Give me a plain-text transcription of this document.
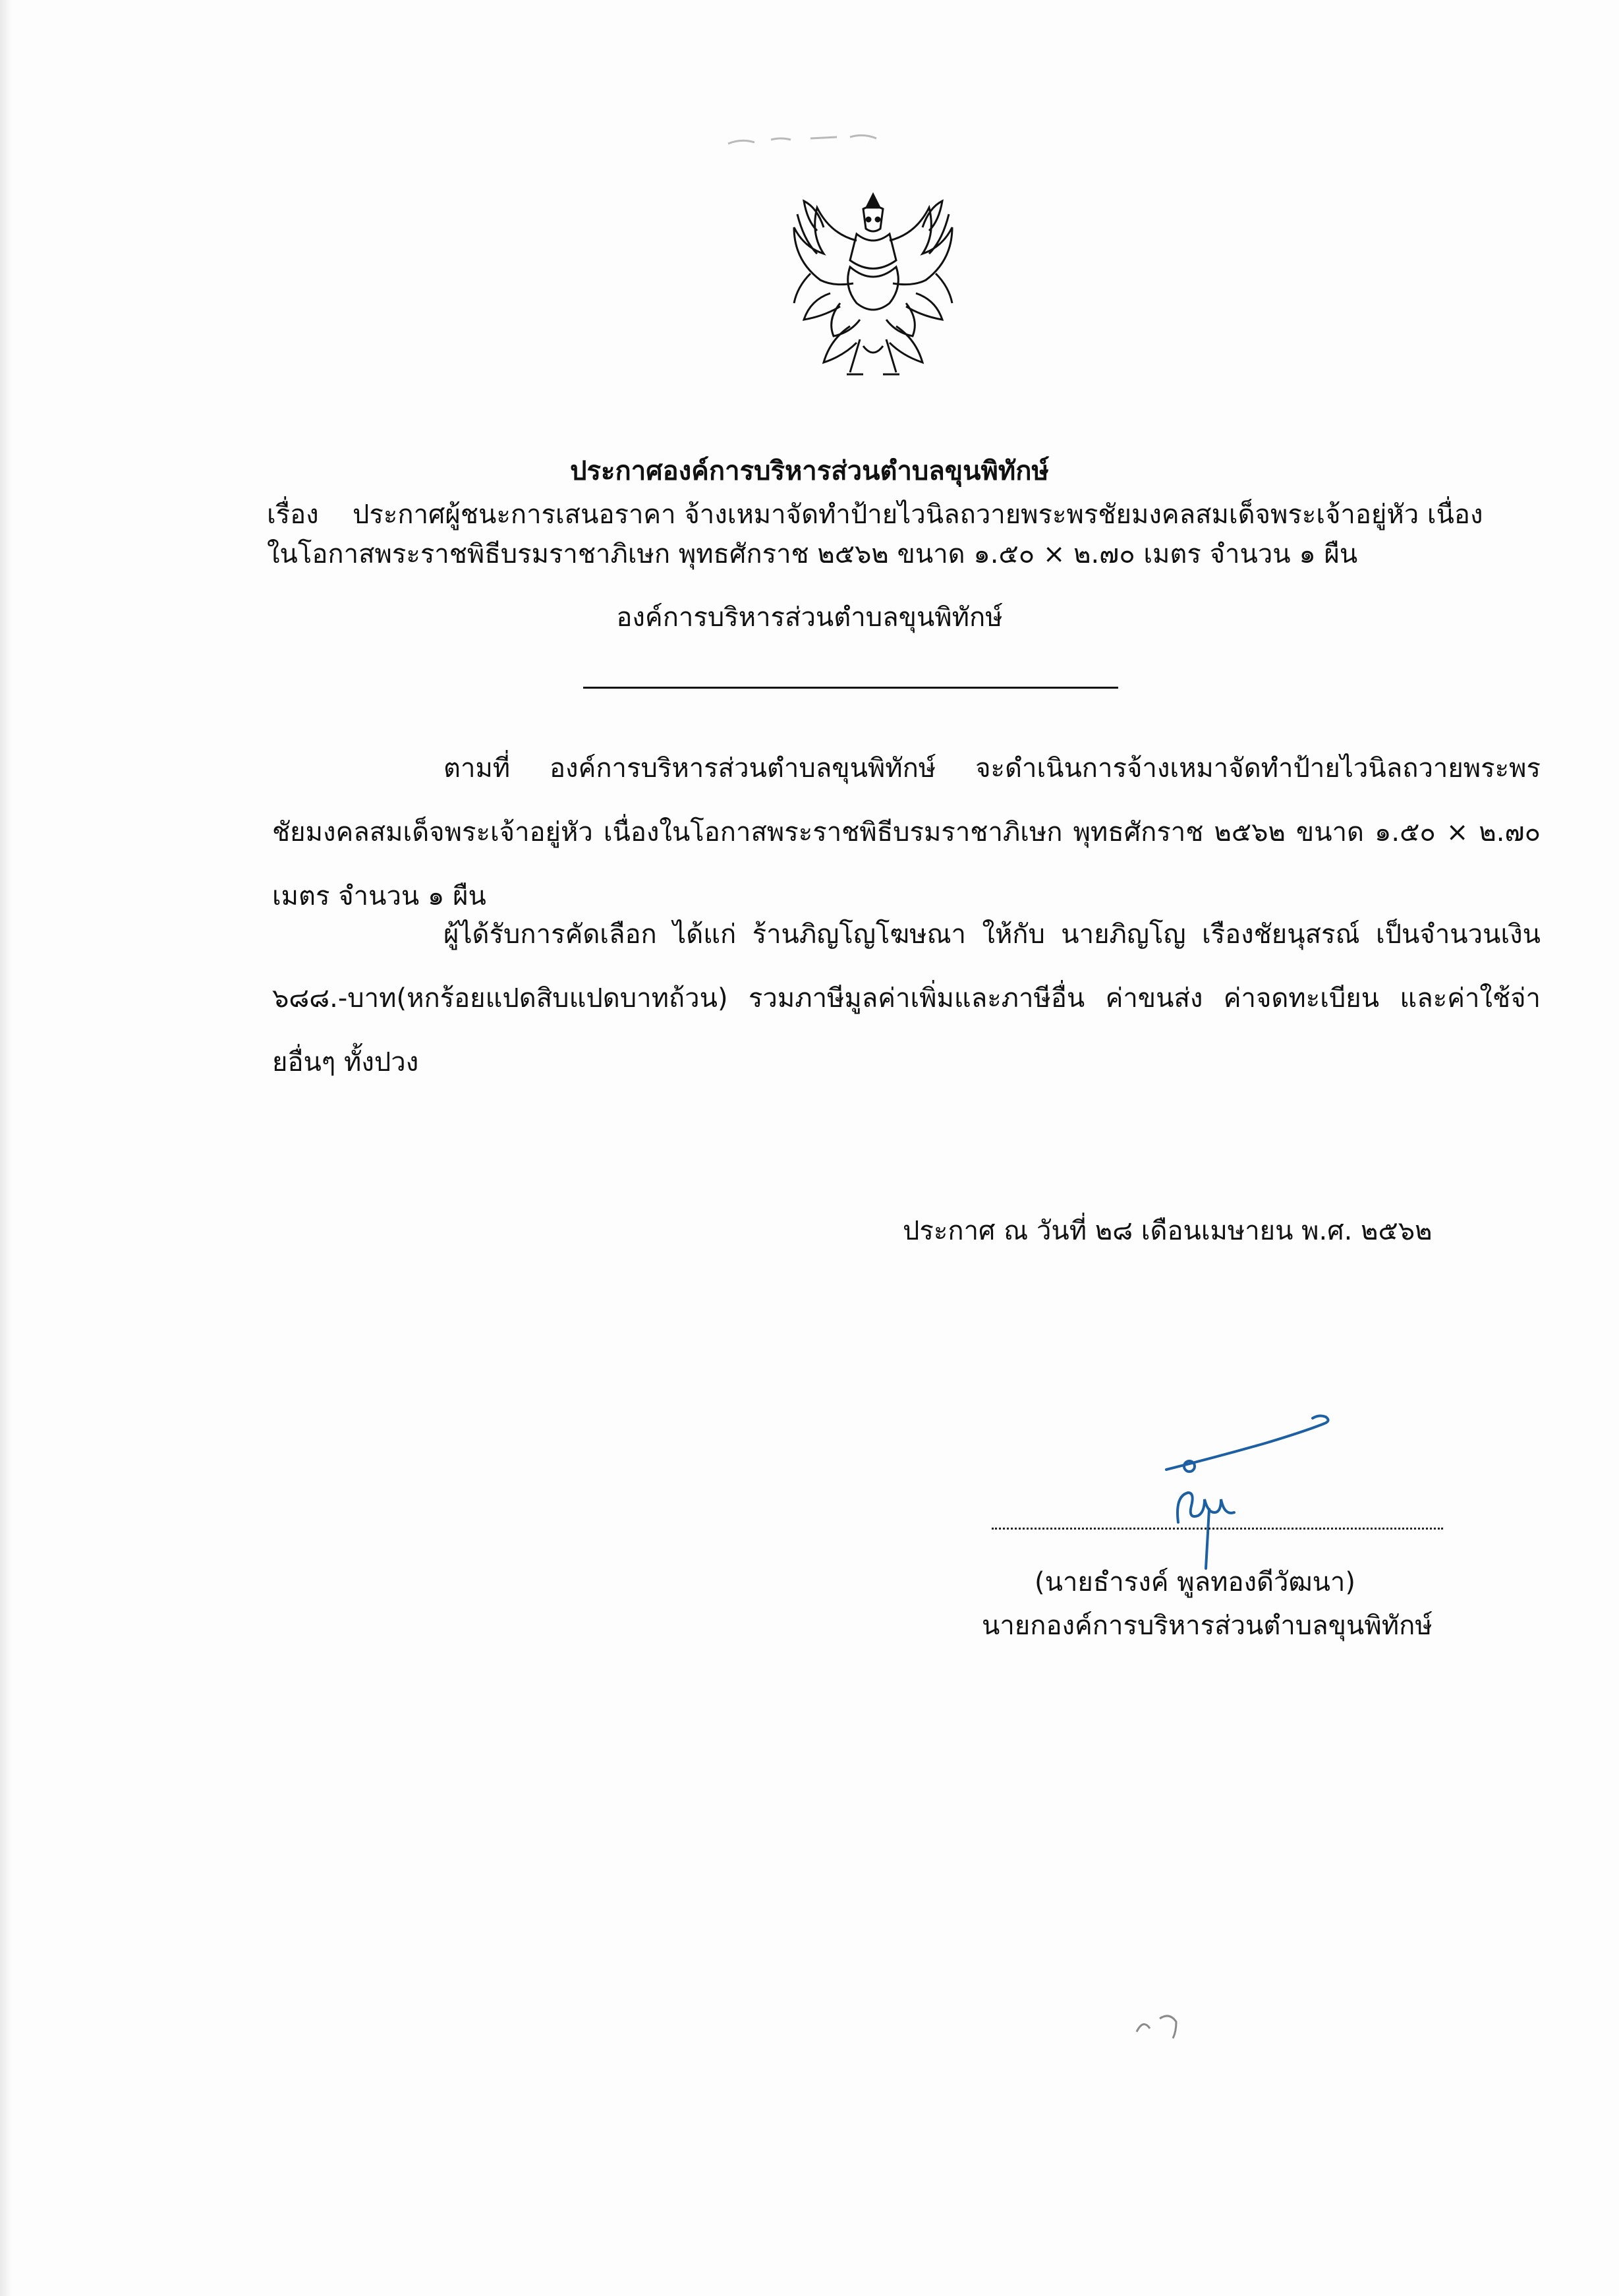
ประกาศองค์การบริหารส่วนตำบลขุนพิทักษ์
เรื่อง ประกาศผู้ชนะการเสนอราคา จ้างเหมาจัดทำป้ายไวนิลถวายพระพรชัยมงคลสมเด็จพระเจ้าอยู่หัว เนื่อง
ในโอกาสพระราชพิธีบรมราชาภิเษก พุทธศักราช ๒๕๖๒ ขนาด ๑.๕๐ × ๒.๗๐ เมตร จำนวน ๑ ผืน
องค์การบริหารส่วนตำบลขุนพิทักษ์
ตามที่ องค์การบริหารส่วนตำบลขุนพิทักษ์ จะดำเนินการจ้างเหมาจัดทำป้ายไวนิลถวายพระพรชัยมงคลสมเด็จพระเจ้าอยู่หัว เนื่องในโอกาสพระราชพิธีบรมราชาภิเษก พุทธศักราช ๒๕๖๒ ขนาด ๑.๕๐ × ๒.๗๐ เมตร จำนวน ๑ ผืน
ผู้ได้รับการคัดเลือก ได้แก่ ร้านภิญโญโฆษณา ให้กับ นายภิญโญ เรืองชัยนุสรณ์ เป็นจำนวนเงิน ๖๘๘.-บาท(หกร้อยแปดสิบแปดบาทถ้วน) รวมภาษีมูลค่าเพิ่มและภาษีอื่น ค่าขนส่ง ค่าจดทะเบียน และค่าใช้จ่ายอื่นๆ ทั้งปวง
ประกาศ ณ วันที่ ๒๘ เดือนเมษายน พ.ศ. ๒๕๖๒
(นายธำรงค์ พูลทองดีวัฒนา)
นายกองค์การบริหารส่วนตำบลขุนพิทักษ์
